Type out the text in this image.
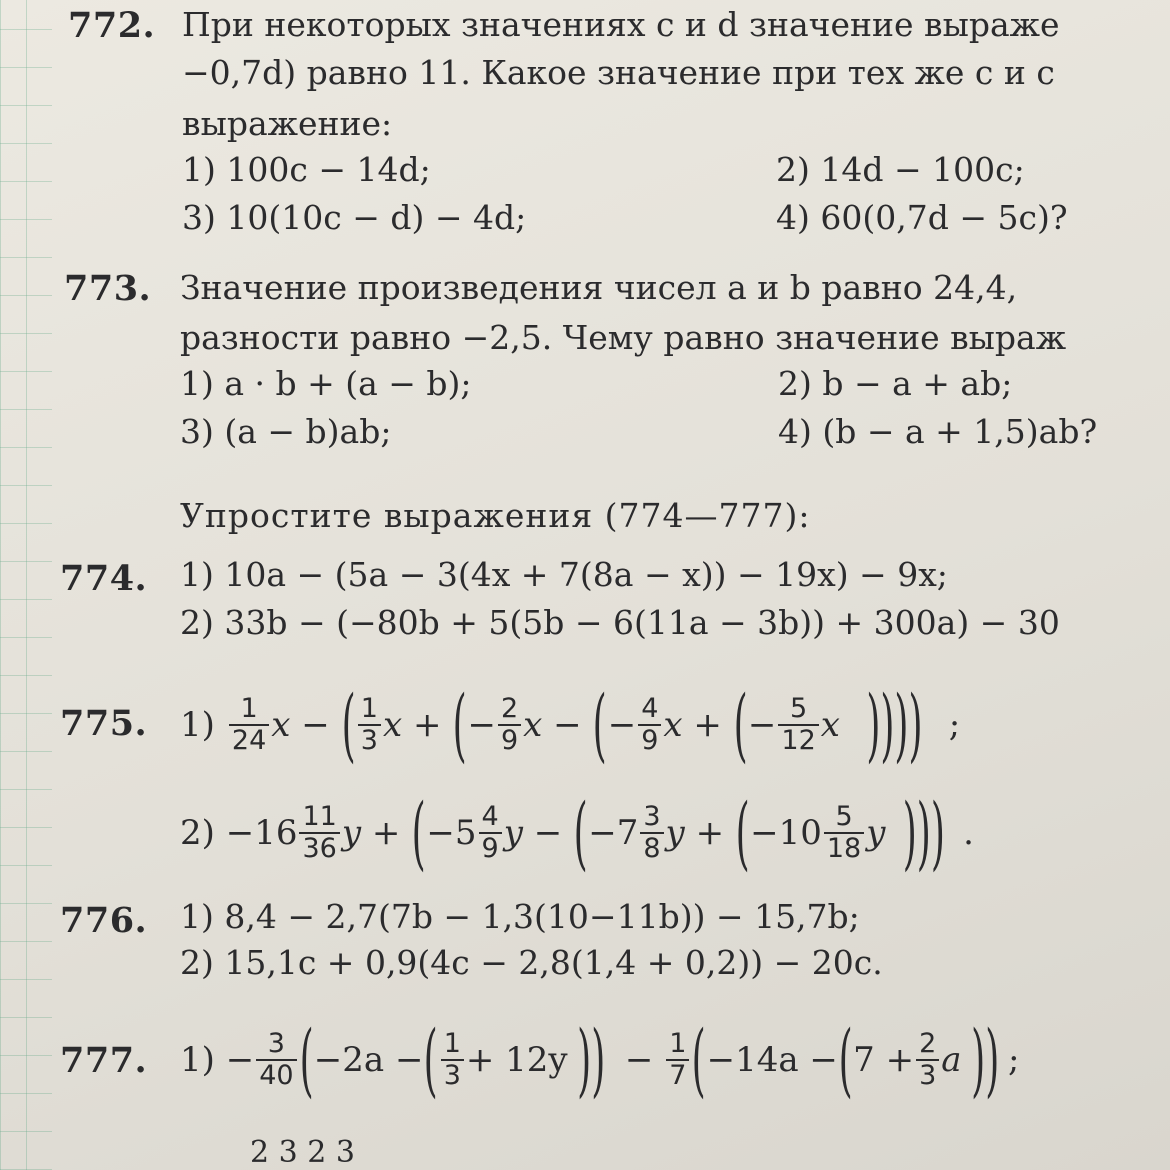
772. При некоторых значениях c и d значение выраже
−0,7d) равно 11. Какое значение при тех же c и c
выражение:
1) 100c − 14d;	2) 14d − 100c;
3) 10(10c − d) − 4d;	4) 60(0,7d − 5c)?
773. Значение произведения чисел a и b равно 24,4,
разности равно −2,5. Чему равно значение выраж
1) a · b + (a − b);	2) b − a + ab;
3) (a − b)ab;	4) (b − a + 1,5)ab?
Упростите выражения (774—777):
774. 1) 10a − (5a − 3(4x + 7(8a − x)) − 19x) − 9x;
2) 33b − (−80b + 5(5b − 6(11a − 3b)) + 300a) − 30
775. $1) \frac{1}{24}$ x − ( $\frac{1}{3}$ x + ( − $\frac{2}{9}$ x − ( − $\frac{4}{9}$ x + ( − $\frac{5}{12}$ x )))) ;
$2) -16 \frac{11}{36}$ y + ( $-5 \frac{4}{9}$ y − ( $-7 \frac{3}{8}$ y + ( $-10 \frac{5}{18}$ y ))) .
776. 1) 8,4 − 2,7(7b − 1,3(10−11b)) − 15,7b;
2) 15,1c + 0,9(4c − 2,8(1,4 + 0,2)) − 20c.
777. $1) - \frac{3}{40}$ ( −2a − ( $\frac{1}{3} + 12y$ )) − $\frac{1}{7}$ ( −14a − ( $7 + \frac{2}{3}$ a )) ;
2 3 2 3
